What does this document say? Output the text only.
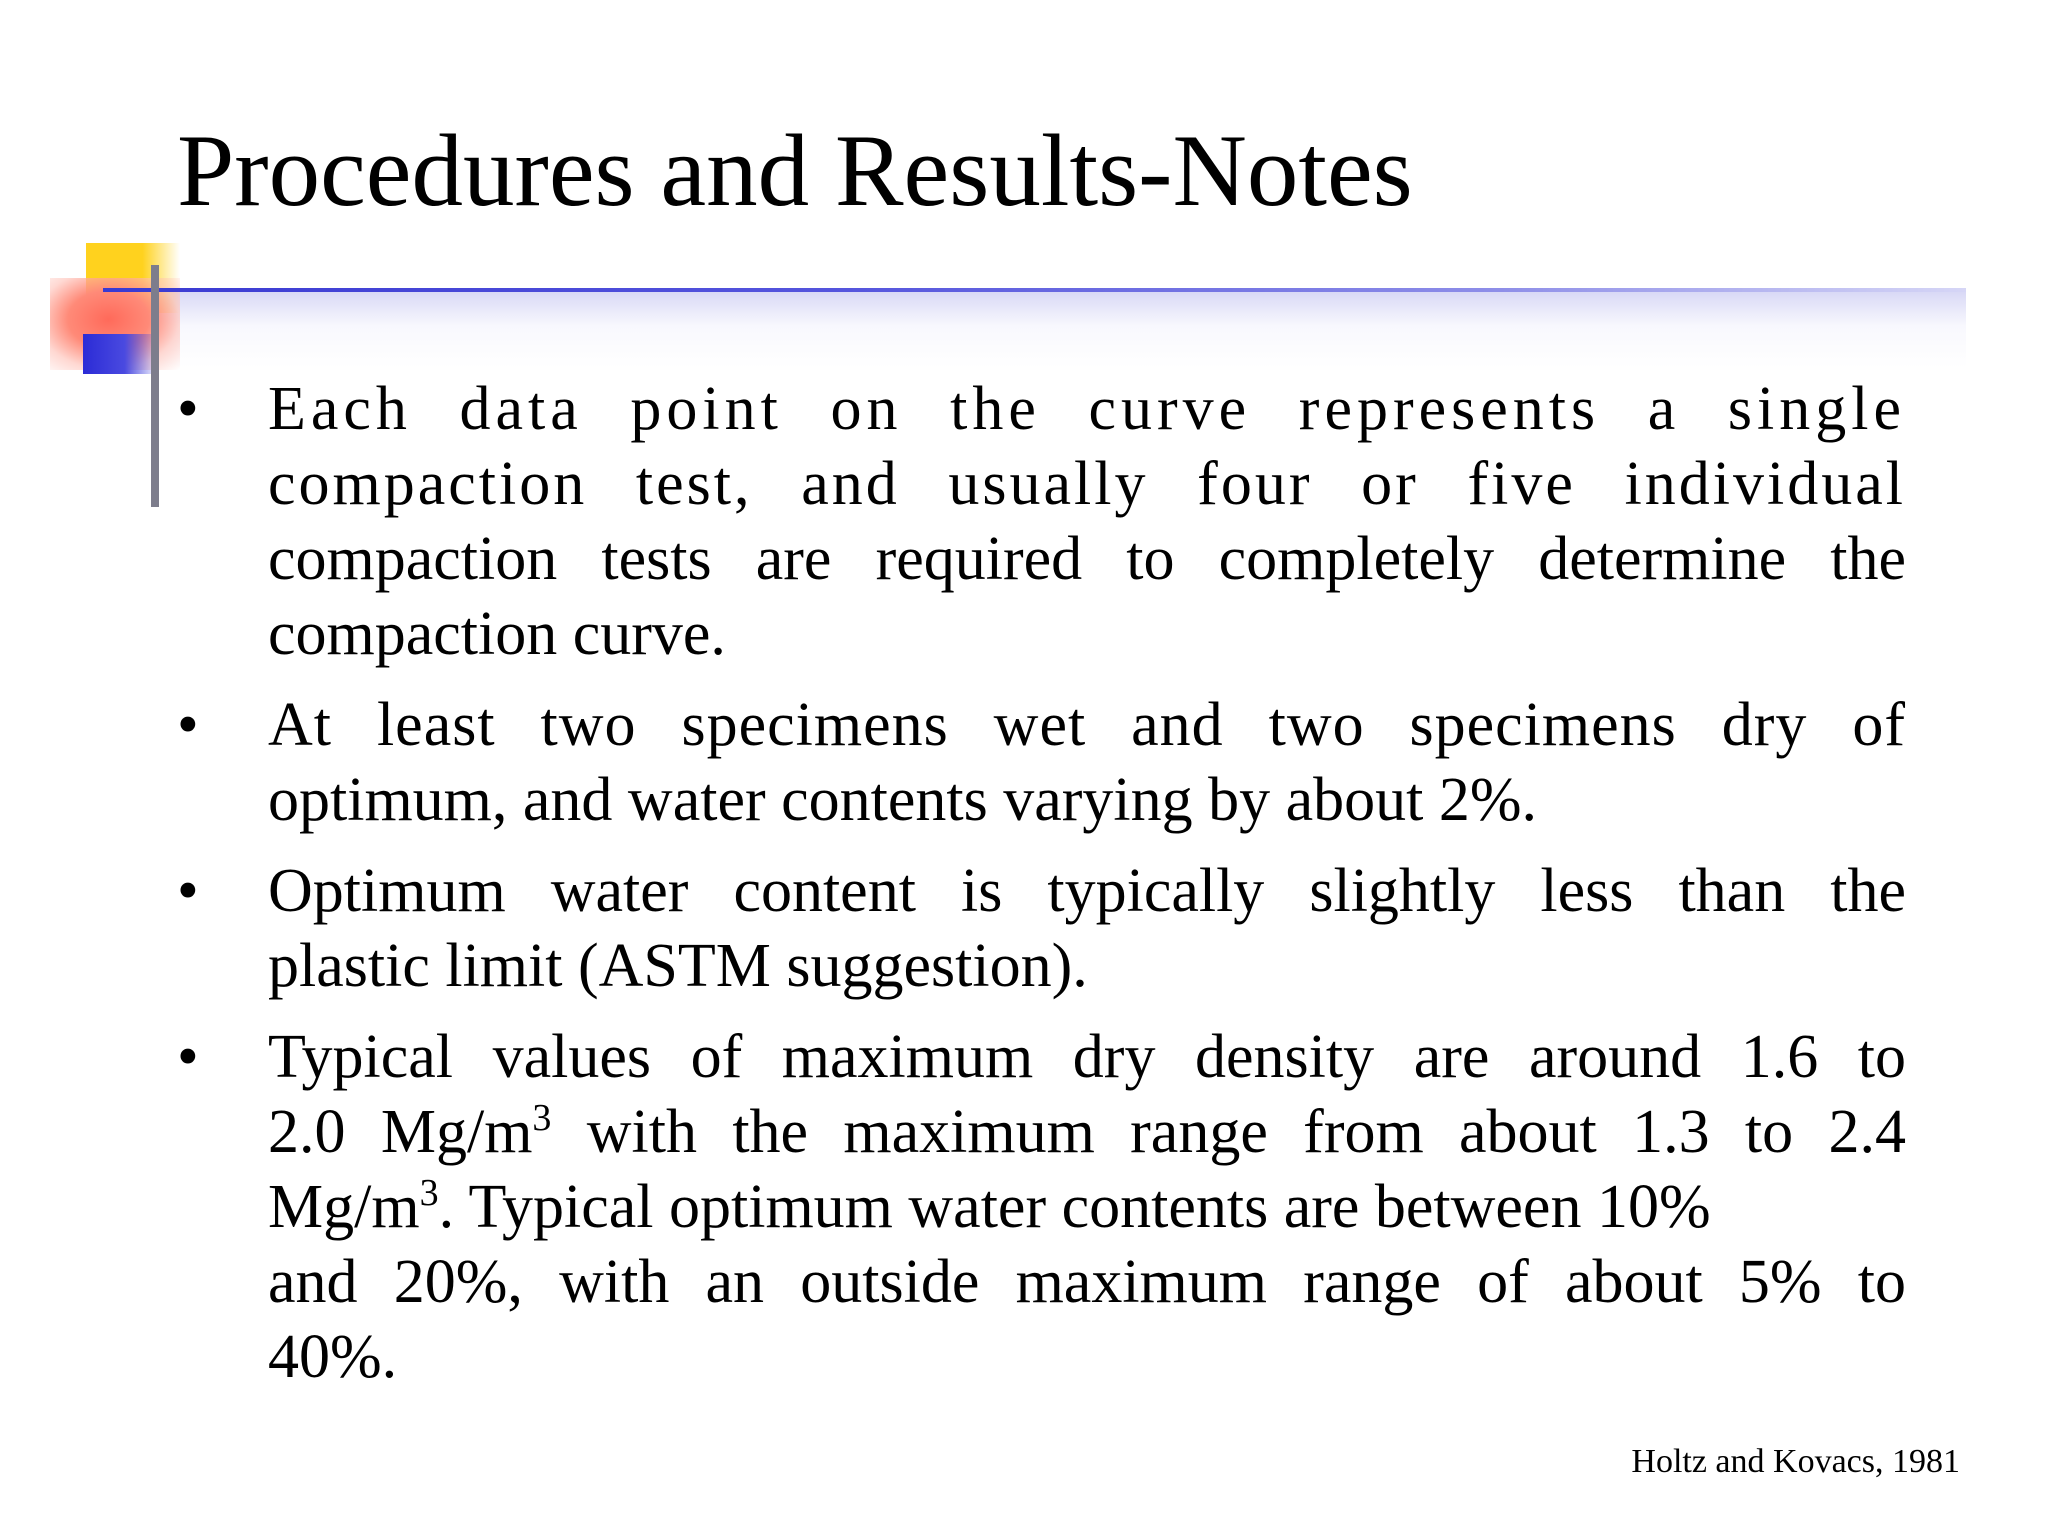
Procedures and Results-Notes
• Each data point on the curve represents a single
compaction test, and usually four or five individual
compaction tests are required to completely determine the
compaction curve.
• At least two specimens wet and two specimens dry of
optimum, and water contents varying by about 2%.
• Optimum water content is typically slightly less than the
plastic limit (ASTM suggestion).
• Typical values of maximum dry density are around 1.6 to
2.0 $Mg/m^3$ with the maximum range from about 1.3 to 2.4
$Mg/m^3$. Typical optimum water contents are between 10%
and 20%, with an outside maximum range of about 5% to
40%.
Holtz and Kovacs, 1981
